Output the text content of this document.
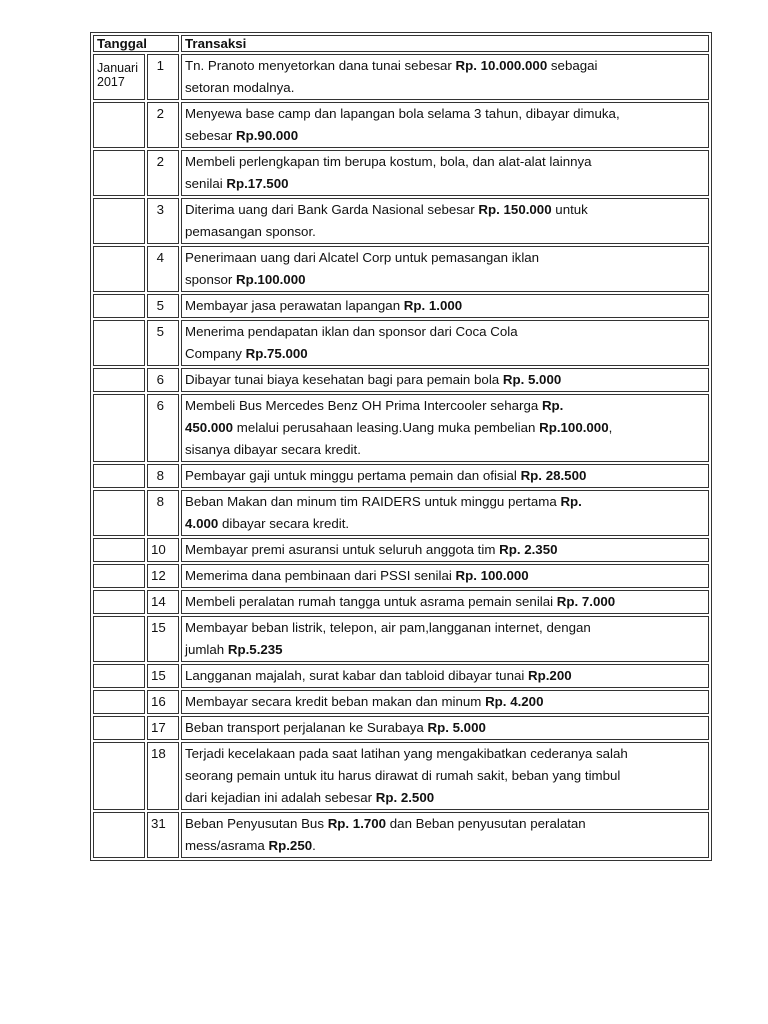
Tanggal		Transaksi

Januari
2017	1	Tn. Pranoto menyetorkan dana tunai sebesar Rp. 10.000.000 sebagai
setoran modalnya.

	2	Menyewa base camp dan lapangan bola selama 3 tahun, dibayar dimuka,
sebesar Rp.90.000

	2	Membeli perlengkapan tim berupa kostum, bola, dan alat-alat lainnya
senilai Rp.17.500

	3	Diterima uang dari Bank Garda Nasional sebesar Rp. 150.000 untuk
pemasangan sponsor.

	4	Penerimaan uang dari Alcatel Corp untuk pemasangan iklan
sponsor Rp.100.000

	5	Membayar jasa perawatan lapangan Rp. 1.000

	5	Menerima pendapatan iklan dan sponsor dari Coca Cola
Company Rp.75.000

	6	Dibayar tunai biaya kesehatan bagi para pemain bola Rp. 5.000

	6	Membeli Bus Mercedes Benz OH Prima Intercooler seharga Rp.
450.000 melalui perusahaan leasing.Uang muka pembelian Rp.100.000,
sisanya dibayar secara kredit.

	8	Pembayar gaji untuk minggu pertama pemain dan ofisial Rp. 28.500

	8	Beban Makan dan minum tim RAIDERS untuk minggu pertama Rp.
4.000 dibayar secara kredit.

	10	Membayar premi asuransi untuk seluruh anggota tim Rp. 2.350

	12	Memerima dana pembinaan dari PSSI senilai Rp. 100.000

	14	Membeli peralatan rumah tangga untuk asrama pemain senilai Rp. 7.000

	15	Membayar beban listrik, telepon, air pam,langganan internet, dengan
jumlah Rp.5.235

	15	Langganan majalah, surat kabar dan tabloid dibayar tunai Rp.200

	16	Membayar secara kredit beban makan dan minum Rp. 4.200

	17	Beban transport perjalanan ke Surabaya Rp. 5.000

	18	Terjadi kecelakaan pada saat latihan yang mengakibatkan cederanya salah
seorang pemain untuk itu harus dirawat di rumah sakit, beban yang timbul
dari kejadian ini adalah sebesar Rp. 2.500

	31	Beban Penyusutan Bus Rp. 1.700 dan Beban penyusutan peralatan
mess/asrama Rp.250.
